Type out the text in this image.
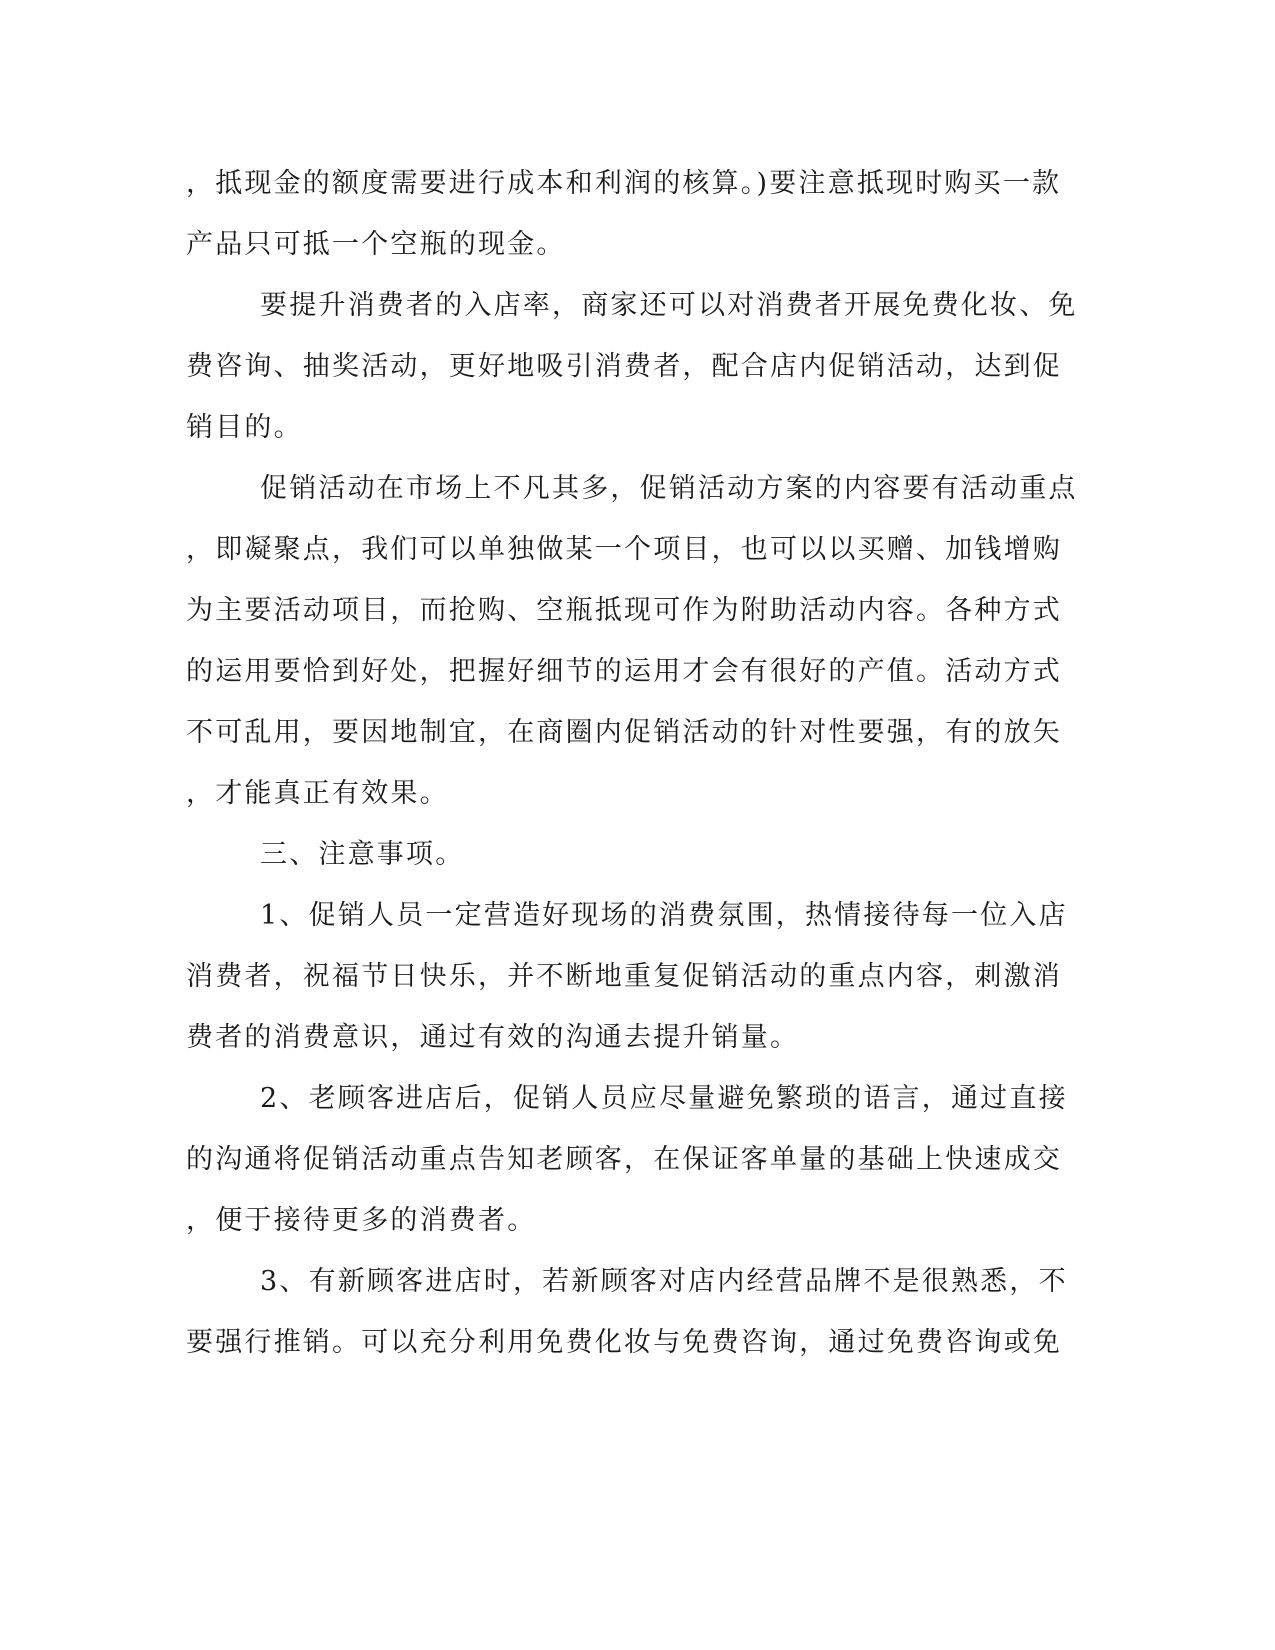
，抵现金的额度需要进行成本和利润的核算。)要注意抵现时购买一款
产品只可抵一个空瓶的现金。
要提升消费者的入店率，商家还可以对消费者开展免费化妆、免
费咨询、抽奖活动，更好地吸引消费者，配合店内促销活动，达到促
销目的。
促销活动在市场上不凡其多，促销活动方案的内容要有活动重点
，即凝聚点，我们可以单独做某一个项目，也可以以买赠、加钱增购
为主要活动项目，而抢购、空瓶抵现可作为附助活动内容。各种方式
的运用要恰到好处，把握好细节的运用才会有很好的产值。活动方式
不可乱用，要因地制宜，在商圈内促销活动的针对性要强，有的放矢
，才能真正有效果。
三、注意事项。
1、促销人员一定营造好现场的消费氛围，热情接待每一位入店
消费者，祝福节日快乐，并不断地重复促销活动的重点内容，刺激消
费者的消费意识，通过有效的沟通去提升销量。
2、老顾客进店后，促销人员应尽量避免繁琐的语言，通过直接
的沟通将促销活动重点告知老顾客，在保证客单量的基础上快速成交
，便于接待更多的消费者。
3、有新顾客进店时，若新顾客对店内经营品牌不是很熟悉，不
要强行推销。可以充分利用免费化妆与免费咨询，通过免费咨询或免
